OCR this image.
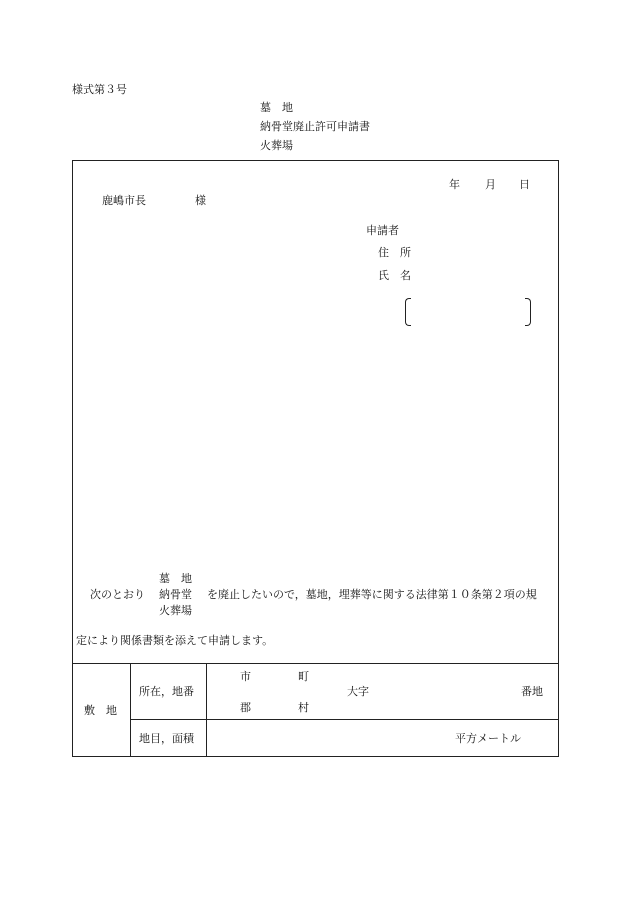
様式第３号
墓　地
納骨堂廃止許可申請書
火葬場
年 月 日
鹿嶋市長	様
申請者
住　所
氏　名
墓　地
次のとおり 納骨堂 を廃止したいので，墓地，埋葬等に関する法律第１０条第２項の規
火葬場
定により関係書類を添えて申請します。
敷　地
所在，地番
市	町
大字	番地
郡	村
地目，面積	平方メートル
